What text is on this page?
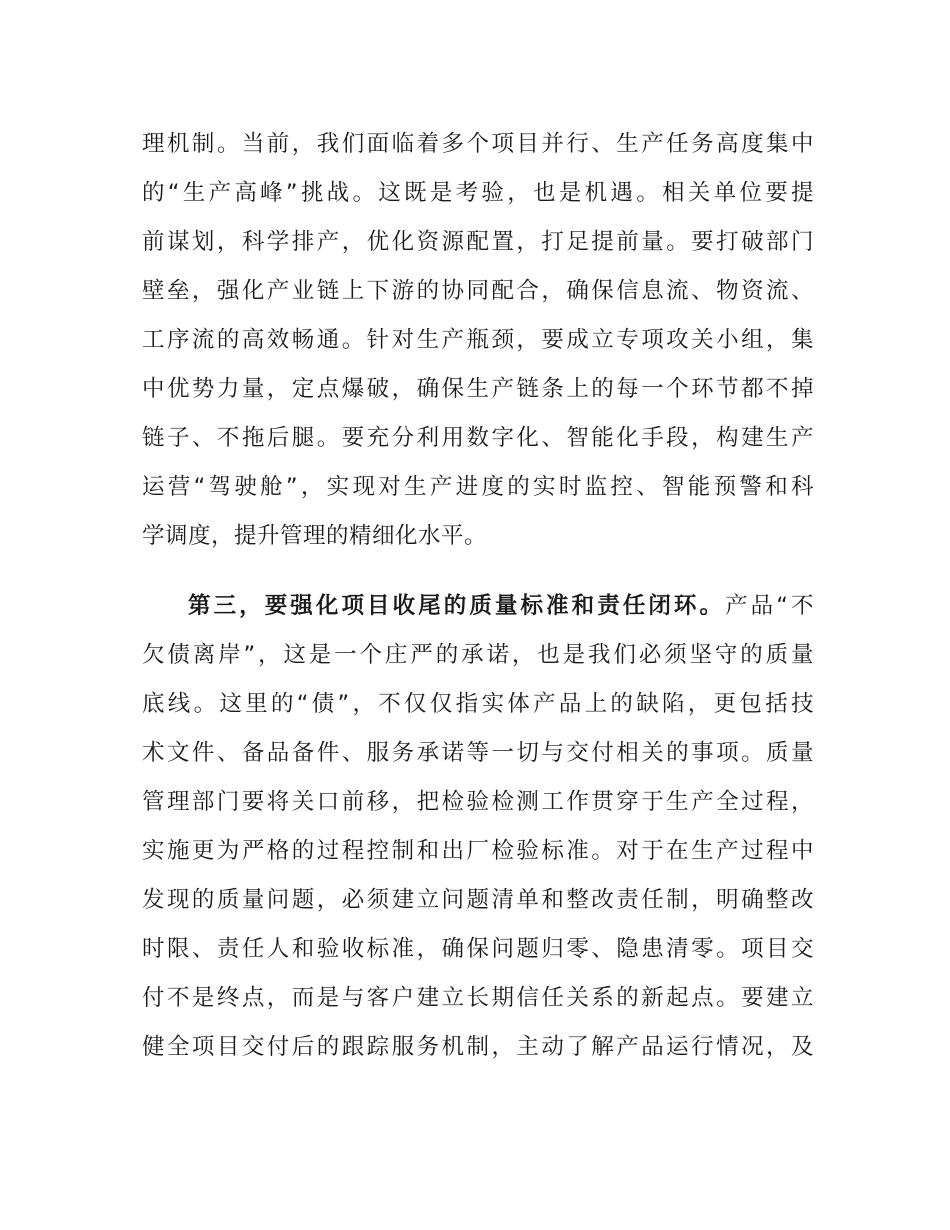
理机制。当前，我们面临着多个项目并行、生产任务高度集中
的“生产高峰”挑战。这既是考验，也是机遇。相关单位要提
前谋划，科学排产，优化资源配置，打足提前量。要打破部门
壁垒，强化产业链上下游的协同配合，确保信息流、物资流、
工序流的高效畅通。针对生产瓶颈，要成立专项攻关小组，集
中优势力量，定点爆破，确保生产链条上的每一个环节都不掉
链子、不拖后腿。要充分利用数字化、智能化手段，构建生产
运营“驾驶舱”，实现对生产进度的实时监控、智能预警和科
学调度，提升管理的精细化水平。
第三，要强化项目收尾的质量标准和责任闭环。产品“不
欠债离岸”，这是一个庄严的承诺，也是我们必须坚守的质量
底线。这里的“债”，不仅仅指实体产品上的缺陷，更包括技
术文件、备品备件、服务承诺等一切与交付相关的事项。质量
管理部门要将关口前移，把检验检测工作贯穿于生产全过程，
实施更为严格的过程控制和出厂检验标准。对于在生产过程中
发现的质量问题，必须建立问题清单和整改责任制，明确整改
时限、责任人和验收标准，确保问题归零、隐患清零。项目交
付不是终点，而是与客户建立长期信任关系的新起点。要建立
健全项目交付后的跟踪服务机制，主动了解产品运行情况，及
